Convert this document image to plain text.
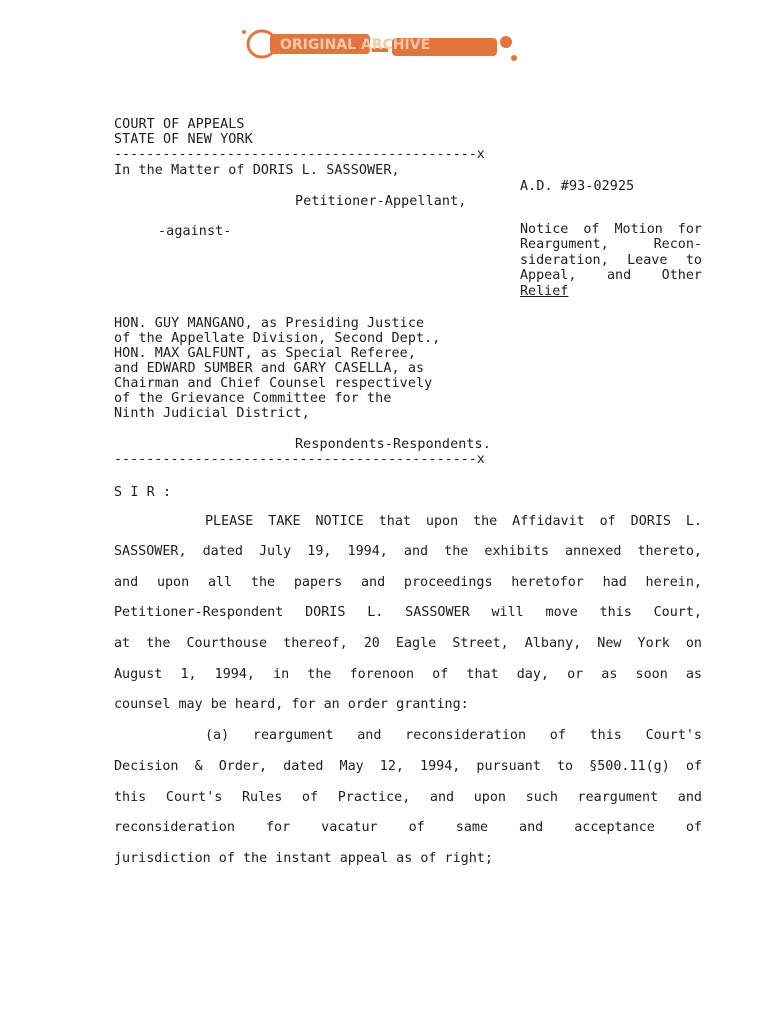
ORIGINAL ARCHIVE
COURT OF APPEALS
STATE OF NEW YORK
---------------------------------------------x
In the Matter of DORIS L. SASSOWER,
A.D. #93-02925
Petitioner-Appellant,
-against-	Notice of Motion for
Reargument, Recon-
sideration, Leave to
Appeal, and Other
Relief
HON. GUY MANGANO, as Presiding Justice
of the Appellate Division, Second Dept.,
HON. MAX GALFUNT, as Special Referee,
and EDWARD SUMBER and GARY CASELLA, as
Chairman and Chief Counsel respectively
of the Grievance Committee for the
Ninth Judicial District,
Respondents-Respondents.
---------------------------------------------x
S I R :
PLEASE TAKE NOTICE that upon the Affidavit of DORIS L.
SASSOWER, dated July 19, 1994, and the exhibits annexed thereto,
and upon all the papers and proceedings heretofor had herein,
Petitioner-Respondent DORIS L. SASSOWER will move this Court,
at the Courthouse thereof, 20 Eagle Street, Albany, New York on
August 1, 1994, in the forenoon of that day, or as soon as
counsel may be heard, for an order granting:
(a) reargument and reconsideration of this Court's
Decision & Order, dated May 12, 1994, pursuant to §500.11(g) of
this Court's Rules of Practice, and upon such reargument and
reconsideration for vacatur of same and acceptance of
jurisdiction of the instant appeal as of right;
